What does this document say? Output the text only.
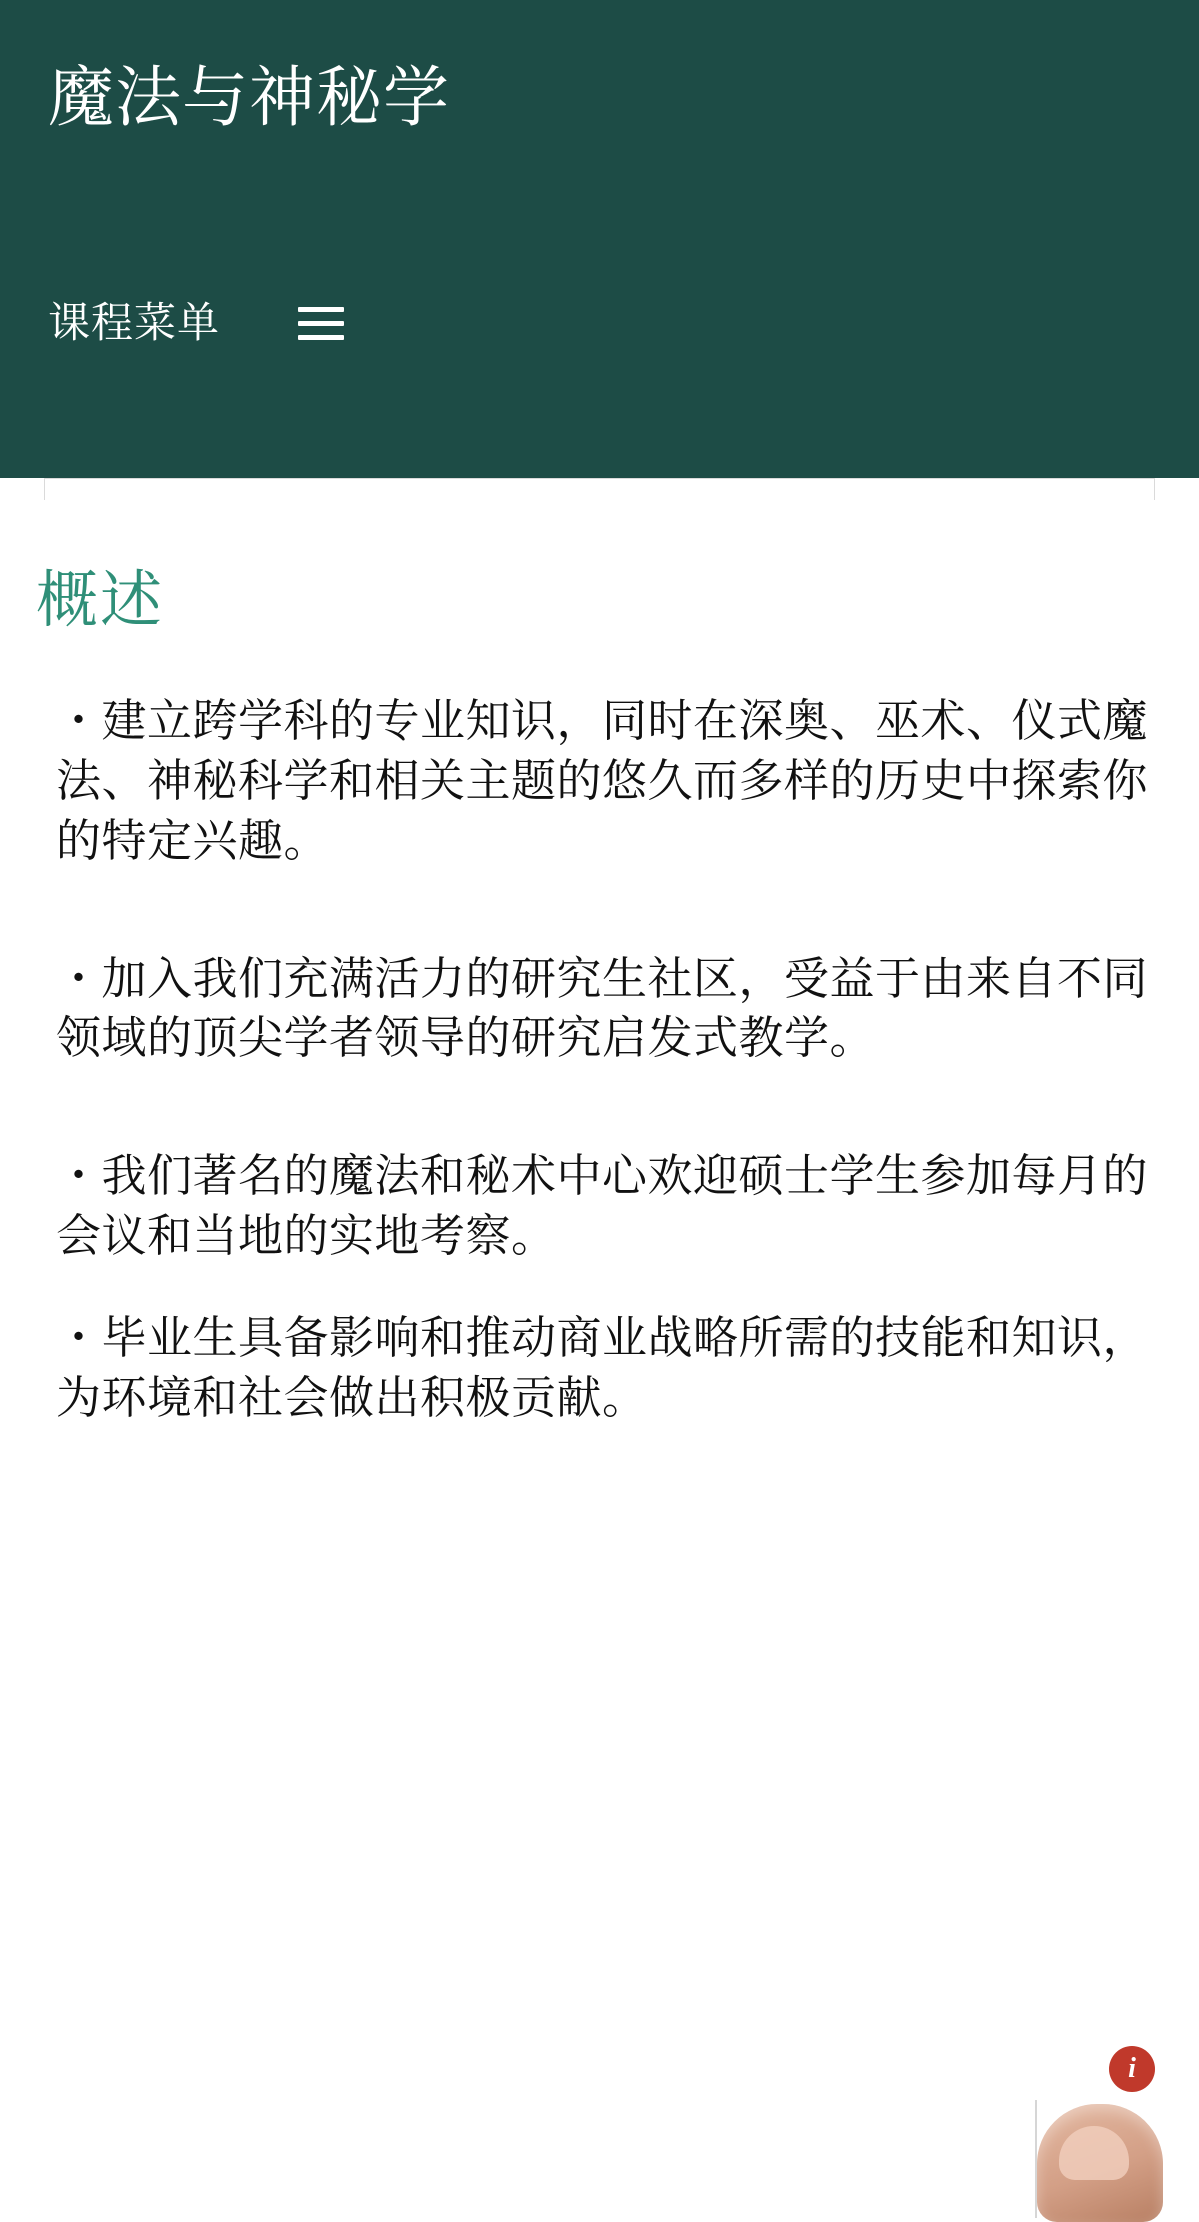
魔法与神秘学
课程菜单
概述

・建立跨学科的专业知识，同时在深奥、巫术、仪式魔法、神秘科学和相关主题的悠久而多样的历史中探索你的特定兴趣。

・加入我们充满活力的研究生社区，受益于由来自不同领域的顶尖学者领导的研究启发式教学。

・我们著名的魔法和秘术中心欢迎硕士学生参加每月的会议和当地的实地考察。

・毕业生具备影响和推动商业战略所需的技能和知识，为环境和社会做出积极贡献。

i
